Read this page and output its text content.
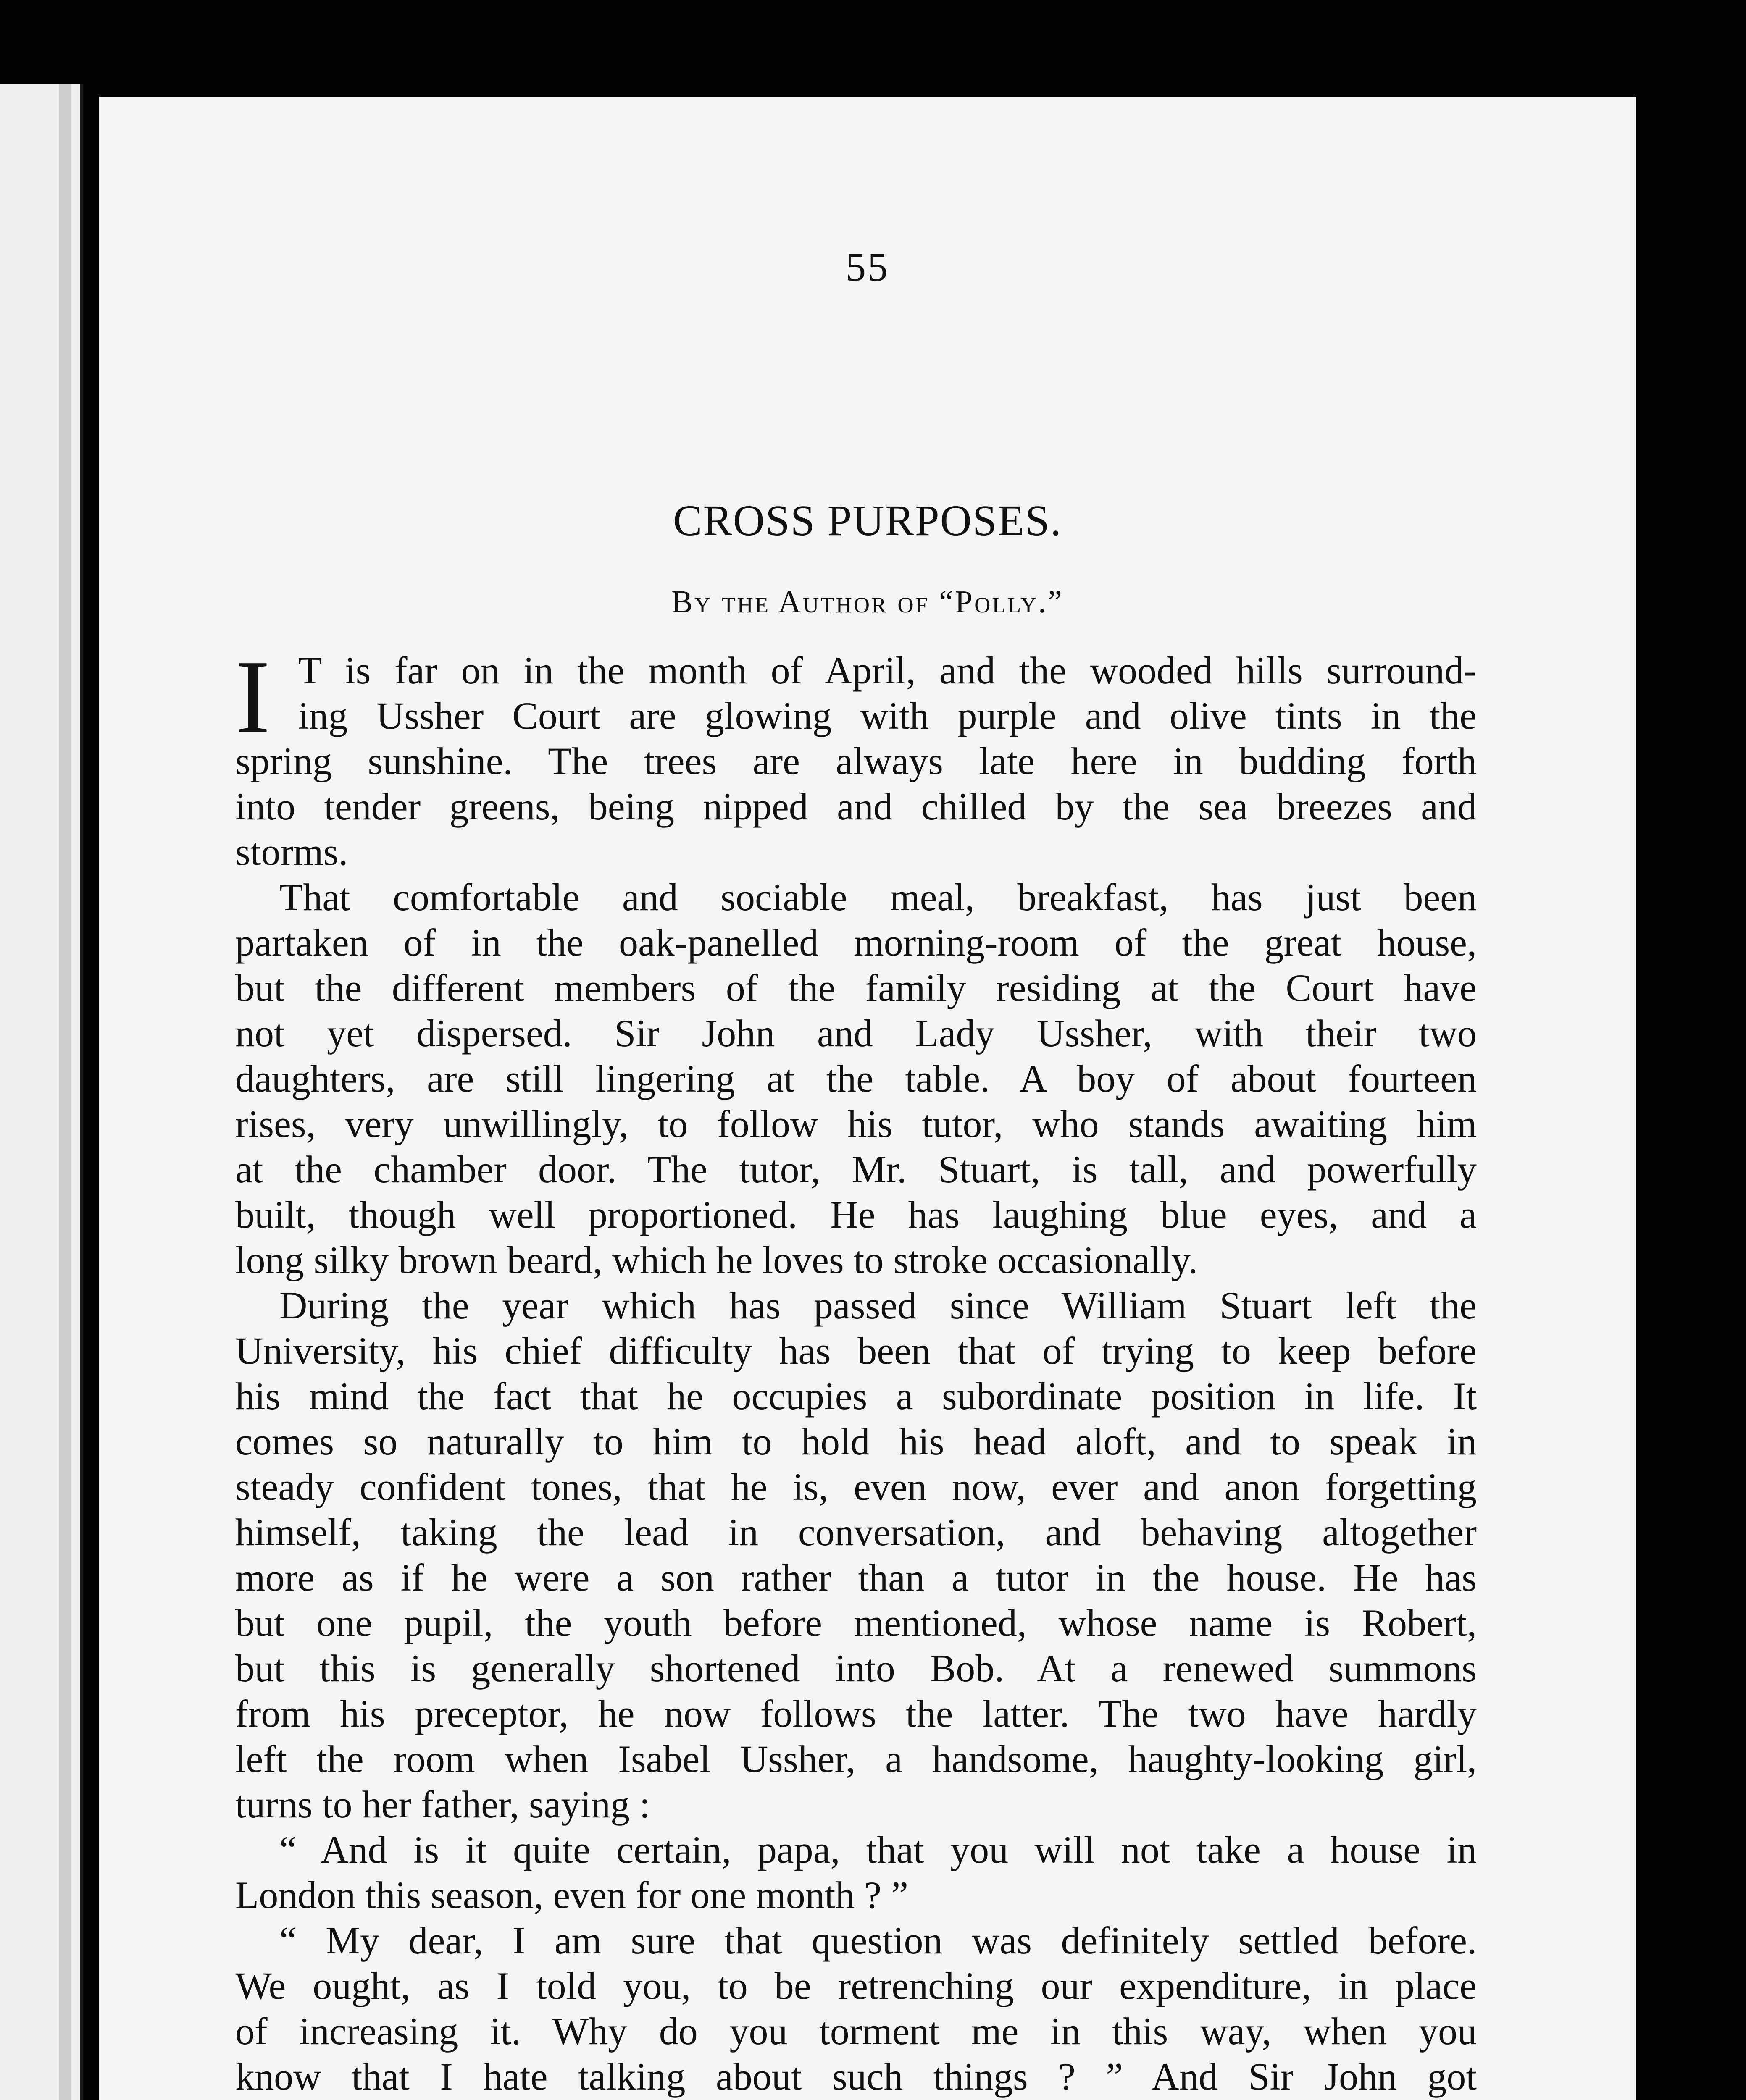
55
CROSS PURPOSES.
By the Author of “Polly.”
I T is far on in the month of April, and the wooded hills surround-
ing Ussher Court are glowing with purple and olive tints in the
spring sunshine. The trees are always late here in budding forth
into tender greens, being nipped and chilled by the sea breezes and
storms.
That comfortable and sociable meal, breakfast, has just been
partaken of in the oak-panelled morning-room of the great house,
but the different members of the family residing at the Court have
not yet dispersed. Sir John and Lady Ussher, with their two
daughters, are still lingering at the table. A boy of about fourteen
rises, very unwillingly, to follow his tutor, who stands awaiting him
at the chamber door. The tutor, Mr. Stuart, is tall, and powerfully
built, though well proportioned. He has laughing blue eyes, and a
long silky brown beard, which he loves to stroke occasionally.
During the year which has passed since William Stuart left the
University, his chief difficulty has been that of trying to keep before
his mind the fact that he occupies a subordinate position in life. It
comes so naturally to him to hold his head aloft, and to speak in
steady confident tones, that he is, even now, ever and anon forgetting
himself, taking the lead in conversation, and behaving altogether
more as if he were a son rather than a tutor in the house. He has
but one pupil, the youth before mentioned, whose name is Robert,
but this is generally shortened into Bob. At a renewed summons
from his preceptor, he now follows the latter. The two have hardly
left the room when Isabel Ussher, a handsome, haughty-looking girl,
turns to her father, saying :
“ And is it quite certain, papa, that you will not take a house in
London this season, even for one month ? ”
“ My dear, I am sure that question was definitely settled before.
We ought, as I told you, to be retrenching our expenditure, in place
of increasing it. Why do you torment me in this way, when you
know that I hate talking about such things ? ” And Sir John got
